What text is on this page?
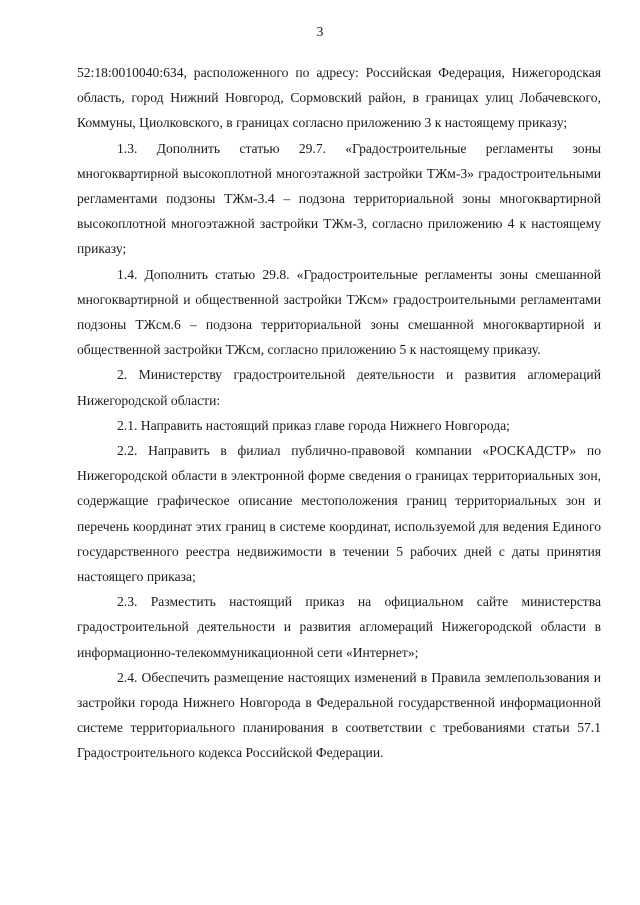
3

52:18:0010040:634, расположенного по адресу: Российская Федерация, Нижегородская область, город Нижний Новгород, Сормовский район, в границах улиц Лобачевского, Коммуны, Циолковского, в границах согласно приложению 3 к настоящему приказу;

1.3. Дополнить статью 29.7. «Градостроительные регламенты зоны многоквартирной высокоплотной многоэтажной застройки ТЖм-3» градостроительными регламентами подзоны ТЖм-3.4 – подзона территориальной зоны многоквартирной высокоплотной многоэтажной застройки ТЖм-3, согласно приложению 4 к настоящему приказу;

1.4. Дополнить статью 29.8. «Градостроительные регламенты зоны смешанной многоквартирной и общественной застройки ТЖсм» градостроительными регламентами подзоны ТЖсм.6 – подзона территориальной зоны смешанной многоквартирной и общественной застройки ТЖсм, согласно приложению 5 к настоящему приказу.

2. Министерству градостроительной деятельности и развития агломераций Нижегородской области:

2.1. Направить настоящий приказ главе города Нижнего Новгорода;

2.2. Направить в филиал публично-правовой компании «РОСКАДСТР» по Нижегородской области в электронной форме сведения о границах территориальных зон, содержащие графическое описание местоположения границ территориальных зон и перечень координат этих границ в системе координат, используемой для ведения Единого государственного реестра недвижимости в течении 5 рабочих дней с даты принятия настоящего приказа;

2.3. Разместить настоящий приказ на официальном сайте министерства градостроительной деятельности и развития агломераций Нижегородской области в информационно-телекоммуникационной сети «Интернет»;

2.4. Обеспечить размещение настоящих изменений в Правила землепользования и застройки города Нижнего Новгорода в Федеральной государственной информационной системе территориального планирования в соответствии с требованиями статьи 57.1 Градостроительного кодекса Российской Федерации.
